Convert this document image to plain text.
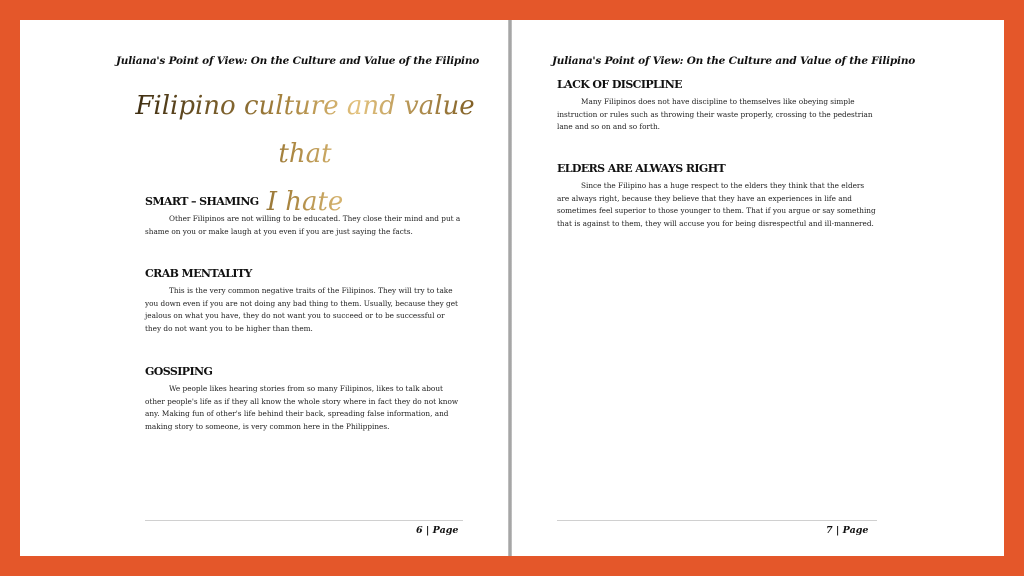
Juliana's Point of View: On the Culture and Value of the Filipino
Filipino culture and value that
I hate
SMART – SHAMING

Other Filipinos are not willing to be educated. They close their mind and put a shame on you or make laugh at you even if you are just saying the facts.

CRAB MENTALITY

This is the very common negative traits of the Filipinos. They will try to take you down even if you are not doing any bad thing to them. Usually, because they get jealous on what you have, they do not want you to succeed or to be successful or they do not want you to be higher than them.

GOSSIPING

We people likes hearing stories from so many Filipinos, likes to talk about other people's life as if they all know the whole story where in fact they do not know any. Making fun of other's life behind their back, spreading false information, and making story to someone, is very common here in the Philippines.

6 | Page
Juliana's Point of View: On the Culture and Value of the Filipino
LACK OF DISCIPLINE

Many Filipinos does not have discipline to themselves like obeying simple instruction or rules such as throwing their waste properly, crossing to the pedestrian lane and so on and so forth.

ELDERS ARE ALWAYS RIGHT

Since the Filipino has a huge respect to the elders they think that the elders are always right, because they believe that they have an experiences in life and sometimes feel superior to those younger to them. That if you argue or say something that is against to them, they will accuse you for being disrespectful and ill-mannered.

7 | Page
